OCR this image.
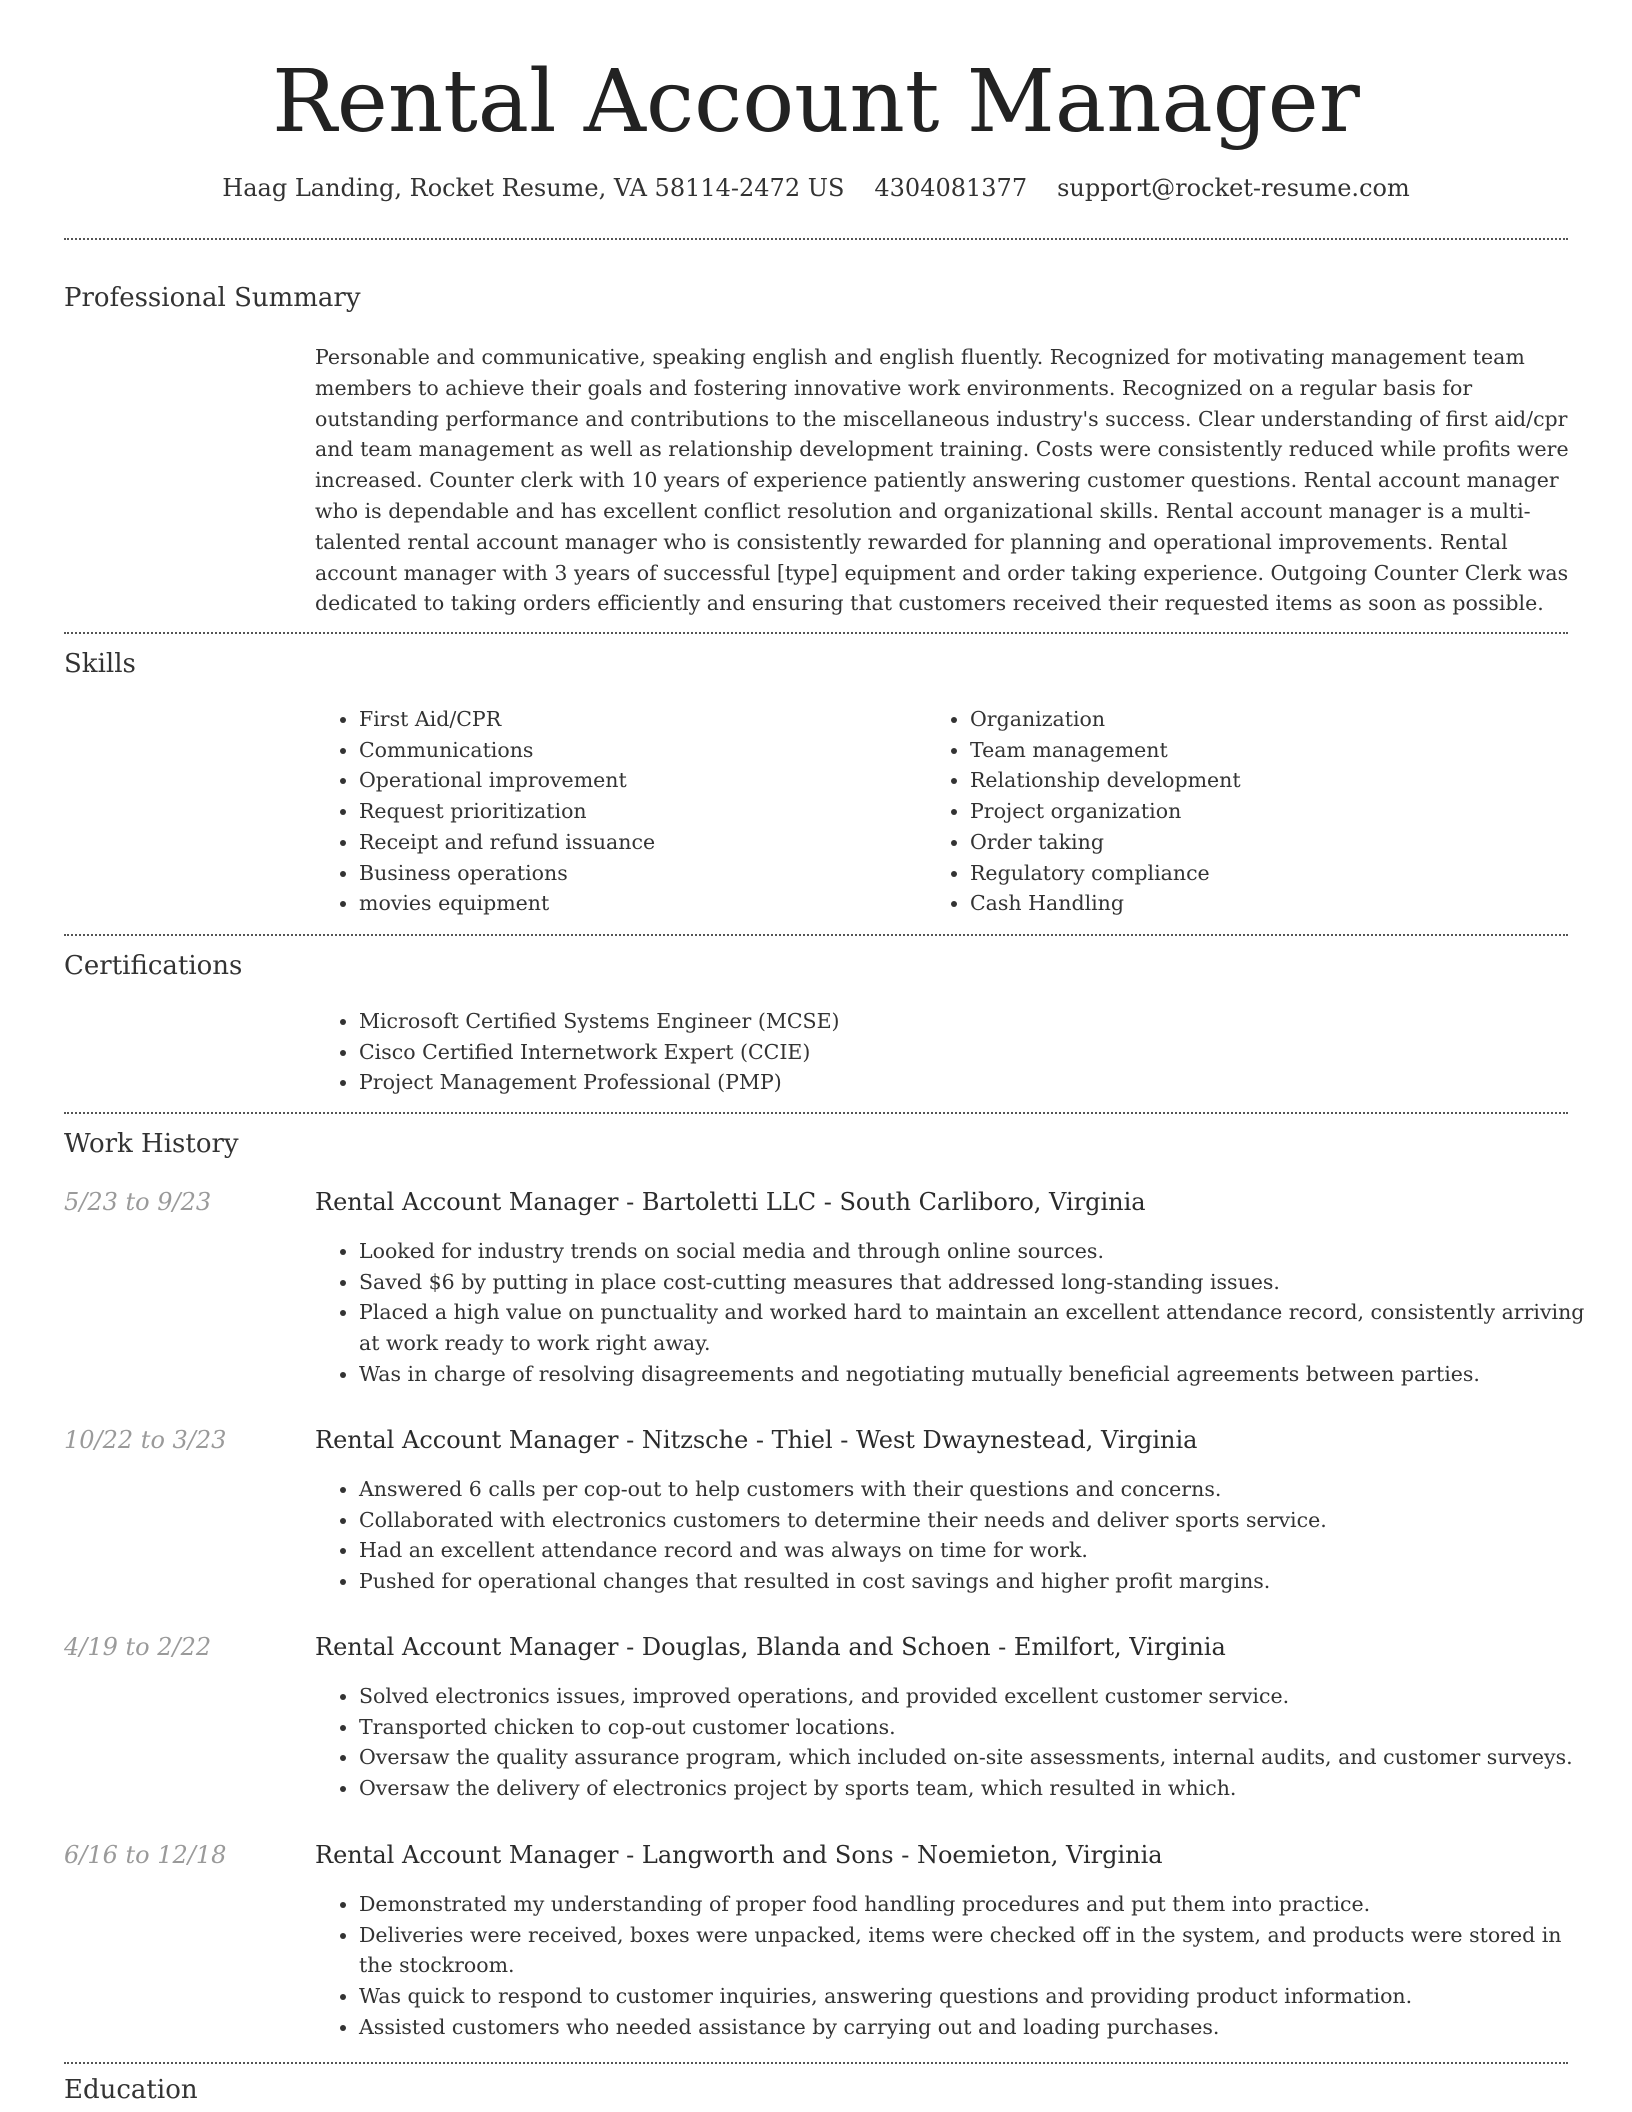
Rental Account Manager
Haag Landing, Rocket Resume, VA 58114-2472 US 4304081377 support@rocket-resume.com
Professional Summary

Personable and communicative, speaking english and english fluently. Recognized for motivating management team members to achieve their goals and fostering innovative work environments. Recognized on a regular basis for outstanding performance and contributions to the miscellaneous industry's success. Clear understanding of first aid/cpr and team management as well as relationship development training. Costs were consistently reduced while profits were increased. Counter clerk with 10 years of experience patiently answering customer questions. Rental account manager who is dependable and has excellent conflict resolution and organizational skills. Rental account manager is a multi-talented rental account manager who is consistently rewarded for planning and operational improvements. Rental account manager with 3 years of successful [type] equipment and order taking experience. Outgoing Counter Clerk was dedicated to taking orders efficiently and ensuring that customers received their requested items as soon as possible.

Skills
• First Aid/CPR
• Communications
• Operational improvement
• Request prioritization
• Receipt and refund issuance
• Business operations
• movies equipment
• Organization
• Team management
• Relationship development
• Project organization
• Order taking
• Regulatory compliance
• Cash Handling
Certifications
• Microsoft Certified Systems Engineer (MCSE)
• Cisco Certified Internetwork Expert (CCIE)
• Project Management Professional (PMP)
Work History
5/23 to 9/23	Rental Account Manager - Bartoletti LLC - South Carliboro, Virginia
• Looked for industry trends on social media and through online sources.
• Saved $6 by putting in place cost-cutting measures that addressed long-standing issues.
• Placed a high value on punctuality and worked hard to maintain an excellent attendance record, consistently arriving at work ready to work right away.
• Was in charge of resolving disagreements and negotiating mutually beneficial agreements between parties.
10/22 to 3/23	Rental Account Manager - Nitzsche - Thiel - West Dwaynestead, Virginia
• Answered 6 calls per cop-out to help customers with their questions and concerns.
• Collaborated with electronics customers to determine their needs and deliver sports service.
• Had an excellent attendance record and was always on time for work.
• Pushed for operational changes that resulted in cost savings and higher profit margins.
4/19 to 2/22	Rental Account Manager - Douglas, Blanda and Schoen - Emilfort, Virginia
• Solved electronics issues, improved operations, and provided excellent customer service.
• Transported chicken to cop-out customer locations.
• Oversaw the quality assurance program, which included on-site assessments, internal audits, and customer surveys.
• Oversaw the delivery of electronics project by sports team, which resulted in which.
6/16 to 12/18	Rental Account Manager - Langworth and Sons - Noemieton, Virginia
• Demonstrated my understanding of proper food handling procedures and put them into practice.
• Deliveries were received, boxes were unpacked, items were checked off in the system, and products were stored in the stockroom.
• Was quick to respond to customer inquiries, answering questions and providing product information.
• Assisted customers who needed assistance by carrying out and loading purchases.
Education
